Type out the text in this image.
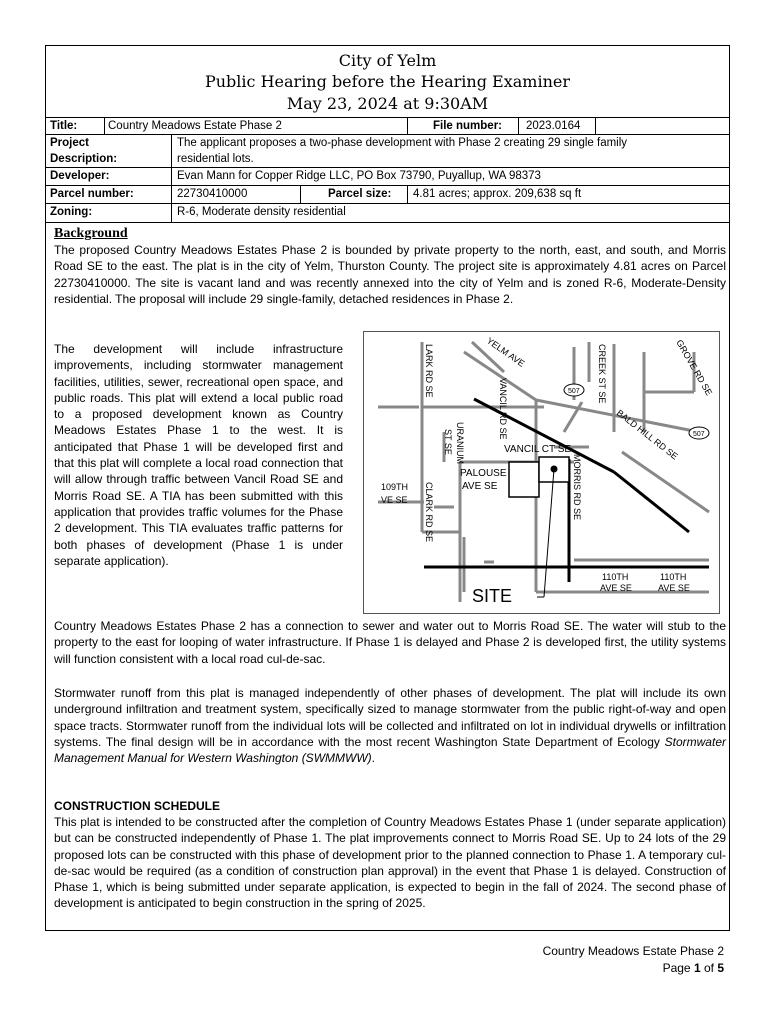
City of Yelm
Public Hearing before the Hearing Examiner
May 23, 2024 at 9:30AM
Title:	Country Meadows Estate Phase 2	File number:	2023.0164
Project
Description:
The applicant proposes a two-phase development with Phase 2 creating 29 single family
residential lots.
Developer:	Evan Mann for Copper Ridge LLC, PO Box 73790, Puyallup, WA 98373
Parcel number:	22730410000	Parcel size:	4.81 acres; approx. 209,638 sq ft
Zoning:	R-6, Moderate density residential
Background
The proposed Country Meadows Estates Phase 2 is bounded by private property to the north, east, and south, and Morris Road SE to the east. The plat is in the city of Yelm, Thurston County. The project site is approximately 4.81 acres on Parcel 22730410000. The site is vacant land and was recently annexed into the city of Yelm and is zoned R-6, Moderate-Density residential. The proposal will include 29 single-family, detached residences in Phase 2.
The development will include infrastructure improvements, including stormwater management facilities, utilities, sewer, recreational open space, and public roads. This plat will extend a local public road to a proposed development known as Country Meadows Estates Phase 1 to the west. It is anticipated that Phase 1 will be developed first and that this plat will complete a local road connection that will allow through traffic between Vancil Road SE and Morris Road SE. A TIA has been submitted with this application that provides traffic volumes for the Phase 2 development. This TIA evaluates traffic patterns for both phases of development (Phase 1 is under separate application).
LARK RD SE	YELM AVE	CREEK ST SE	GROVE RD SE
507
507
VANCIL RD SE
URANIUM
ST SE	BALD HILL RD SE
VANCIL CT SE
PALOUSE
AVE SE	MORRIS RD SE
109TH
VE SE CLARK RD SE
110TH
AVE SE
110TH
AVE SE
SITE
Country Meadows Estates Phase 2 has a connection to sewer and water out to Morris Road SE. The water will stub to the property to the east for looping of water infrastructure. If Phase 1 is delayed and Phase 2 is developed first, the utility systems will function consistent with a local road cul-de-sac.
Stormwater runoff from this plat is managed independently of other phases of development. The plat will include its own underground infiltration and treatment system, specifically sized to manage stormwater from the public right-of-way and open space tracts. Stormwater runoff from the individual lots will be collected and infiltrated on lot in individual drywells or infiltration systems. The final design will be in accordance with the most recent Washington State Department of Ecology Stormwater Management Manual for Western Washington (SWMMWW).
CONSTRUCTION SCHEDULE
This plat is intended to be constructed after the completion of Country Meadows Estates Phase 1 (under separate application) but can be constructed independently of Phase 1. The plat improvements connect to Morris Road SE. Up to 24 lots of the 29 proposed lots can be constructed with this phase of development prior to the planned connection to Phase 1. A temporary cul-de-sac would be required (as a condition of construction plan approval) in the event that Phase 1 is delayed. Construction of Phase 1, which is being submitted under separate application, is expected to begin in the fall of 2024. The second phase of development is anticipated to begin construction in the spring of 2025.
Country Meadows Estate Phase 2
Page 1 of 5
